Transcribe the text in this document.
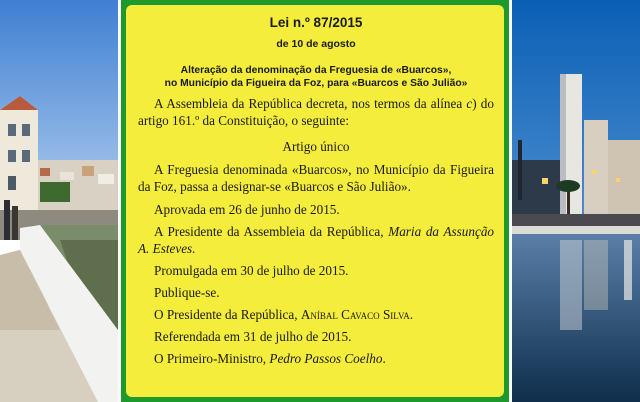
Lei n.º 87/2015
de 10 de agosto
Alteração da denominação da Freguesia de «Buarcos»,
no Município da Figueira da Foz, para «Buarcos e São Julião»

A Assembleia da República decreta, nos termos da alínea c) do artigo 161.º da Constituição, o seguinte:

Artigo único

A Freguesia denominada «Buarcos», no Município da Figueira da Foz, passa a designar-se «Buarcos e São Julião».

Aprovada em 26 de junho de 2015.

A Presidente da Assembleia da República, Maria da Assunção A. Esteves.

Promulgada em 30 de julho de 2015.

Publique-se.

O Presidente da República, Aníbal Cavaco Silva.

Referendada em 31 de julho de 2015.

O Primeiro-Ministro, Pedro Passos Coelho.
